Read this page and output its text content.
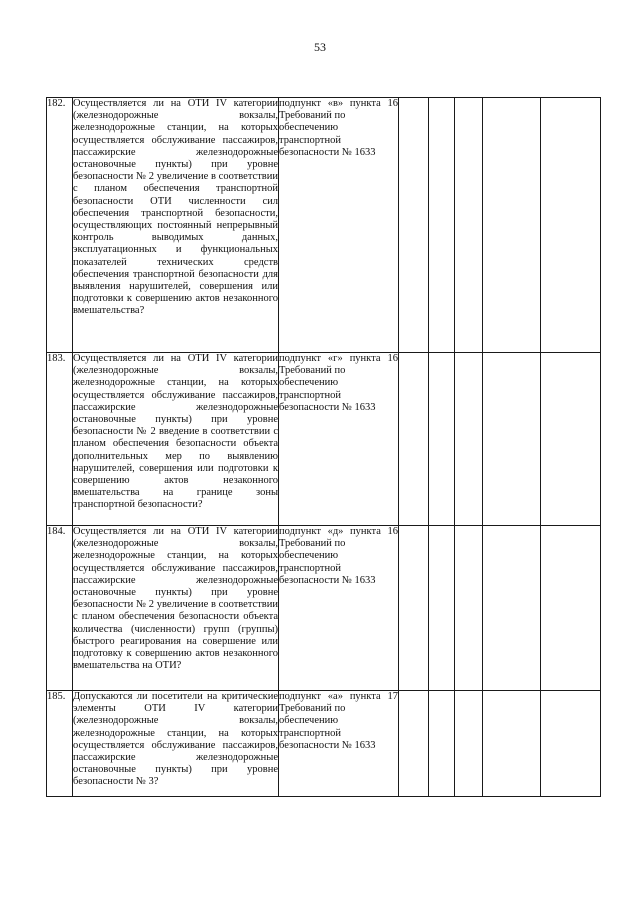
53
182.	Осуществляется ли на ОТИ IV категории (железнодорожные вокзалы, железнодорожные станции, на которых осуществляется обслуживание пассажиров, пассажирские железнодорожные остановочные пункты) при уровне безопасности № 2 увеличение в соответствии с планом обеспечения транспортной безопасности ОТИ численности сил обеспечения транспортной безопасности, осуществляющих постоянный непрерывный контроль выводимых данных, эксплуатационных и функциональных показателей технических средств обеспечения транспортной безопасности для выявления нарушителей, совершения или подготовки к совершению актов незаконного вмешательства?	подпункт «в» пункта 16
Требований по обеспечению транспортной безопасности № 1633					

183.	Осуществляется ли на ОТИ IV категории (железнодорожные вокзалы, железнодорожные станции, на которых осуществляется обслуживание пассажиров, пассажирские железнодорожные остановочные пункты) при уровне безопасности № 2 введение в соответствии с планом обеспечения безопасности объекта дополнительных мер по выявлению нарушителей, совершения или подготовки к совершению актов незаконного вмешательства на границе зоны транспортной безопасности?	подпункт «г» пункта 16
Требований по обеспечению транспортной безопасности № 1633					

184.	Осуществляется ли на ОТИ IV категории (железнодорожные вокзалы, железнодорожные станции, на которых осуществляется обслуживание пассажиров, пассажирские железнодорожные остановочные пункты) при уровне безопасности № 2 увеличение в соответствии с планом обеспечения безопасности объекта количества (численности) групп (группы) быстрого реагирования на совершение или подготовку к совершению актов незаконного вмешательства на ОТИ?	подпункт «д» пункта 16
Требований по обеспечению транспортной безопасности № 1633					

185.	Допускаются ли посетители на критические элементы ОТИ IV категории (железнодорожные вокзалы, железнодорожные станции, на которых осуществляется обслуживание пассажиров, пассажирские железнодорожные остановочные пункты) при уровне безопасности № 3?	подпункт «а» пункта 17
Требований по обеспечению транспортной безопасности № 1633					
